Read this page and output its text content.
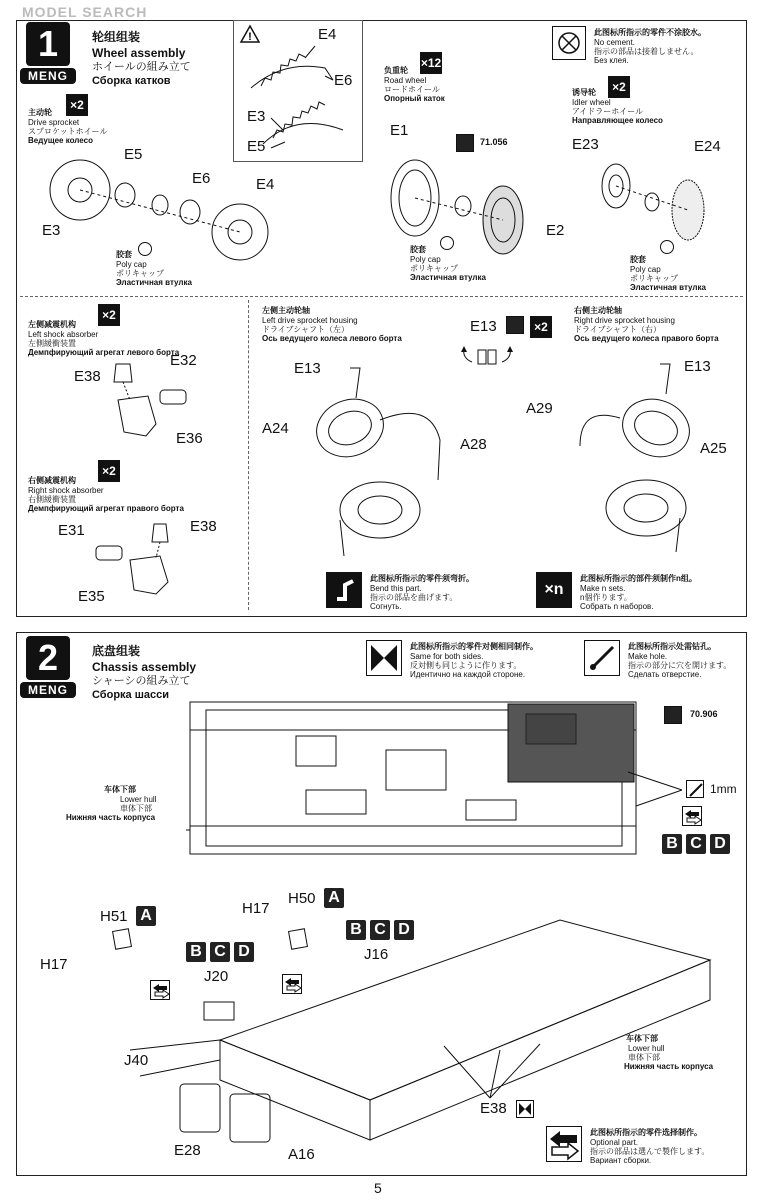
MODEL SEARCH
1
MENG
轮组组装
Wheel assembly
ホイールの組み立て
Сборка катков
!	E4
E6
E3
E5
主动轮
×2
Drive sprocket
スプロケットホイール
Ведущее колесо
E5
E6	E4
E3
胶套
Poly cap
ポリキャップ
Эластичная втулка
负重轮
×12
Road wheel
ロードホイール
Опорный каток
71.056
E1
E2
胶套
Poly cap
ポリキャップ
Эластичная втулка
此图标所指示的零件不涂胶水。
No cement.
指示の部品は接着しません。
Без клея.
诱导轮	×2
Idler wheel
アイドラーホイール
Направляющее колесо
E23	E24
胶套
Poly cap
ポリキャップ
Эластичная втулка
左侧减震机构
×2
Left shock absorber
左側緩衝装置
Демпфирующий агрегат левого борта
E38
E32
E36
右侧减震机构
×2
Right shock absorber
右側緩衝装置
Демпфирующий агрегат правого борта
E31	E38
E35
左侧主动轮轴
Left drive sprocket housing
ドライブシャフト（左）
Ось ведущего колеса левого борта
E13
A24
A28
E13	×2
右侧主动轮轴
Right drive sprocket housing
ドライブシャフト（右）
Ось ведущего колеса правого борта
A29
E13
A25
此图标所指示的零件须弯折。
Bend this part.
指示の部品を曲げます。
Согнуть.
×n
此图标所指示的部件须制作n组。
Make n sets.
n個作ります。
Собрать n наборов.
2
MENG
底盘组装
Chassis assembly
シャーシの組み立て
Сборка шасси
此图标所指示的零件对侧相同制作。
Same for both sides.
反対側も同じように作ります。
Идентично на каждой стороне.
此图标所指示处需钻孔。
Make hole.
指示の部分に穴を開けます。
Сделать отверстие.
70.906
1mm
B C D
车体下部
Lower hull
車体下部
Нижняя часть корпуса
A
A
B C D
B C D
H51
H17
H17
H50
J20
J16
J40
E28	A16
E38
车体下部
Lower hull
車体下部
Нижняя часть корпуса
此图标所指示的零件选择制作。
Optional part.
指示の部品は選んで製作します。
Вариант сборки.
5
